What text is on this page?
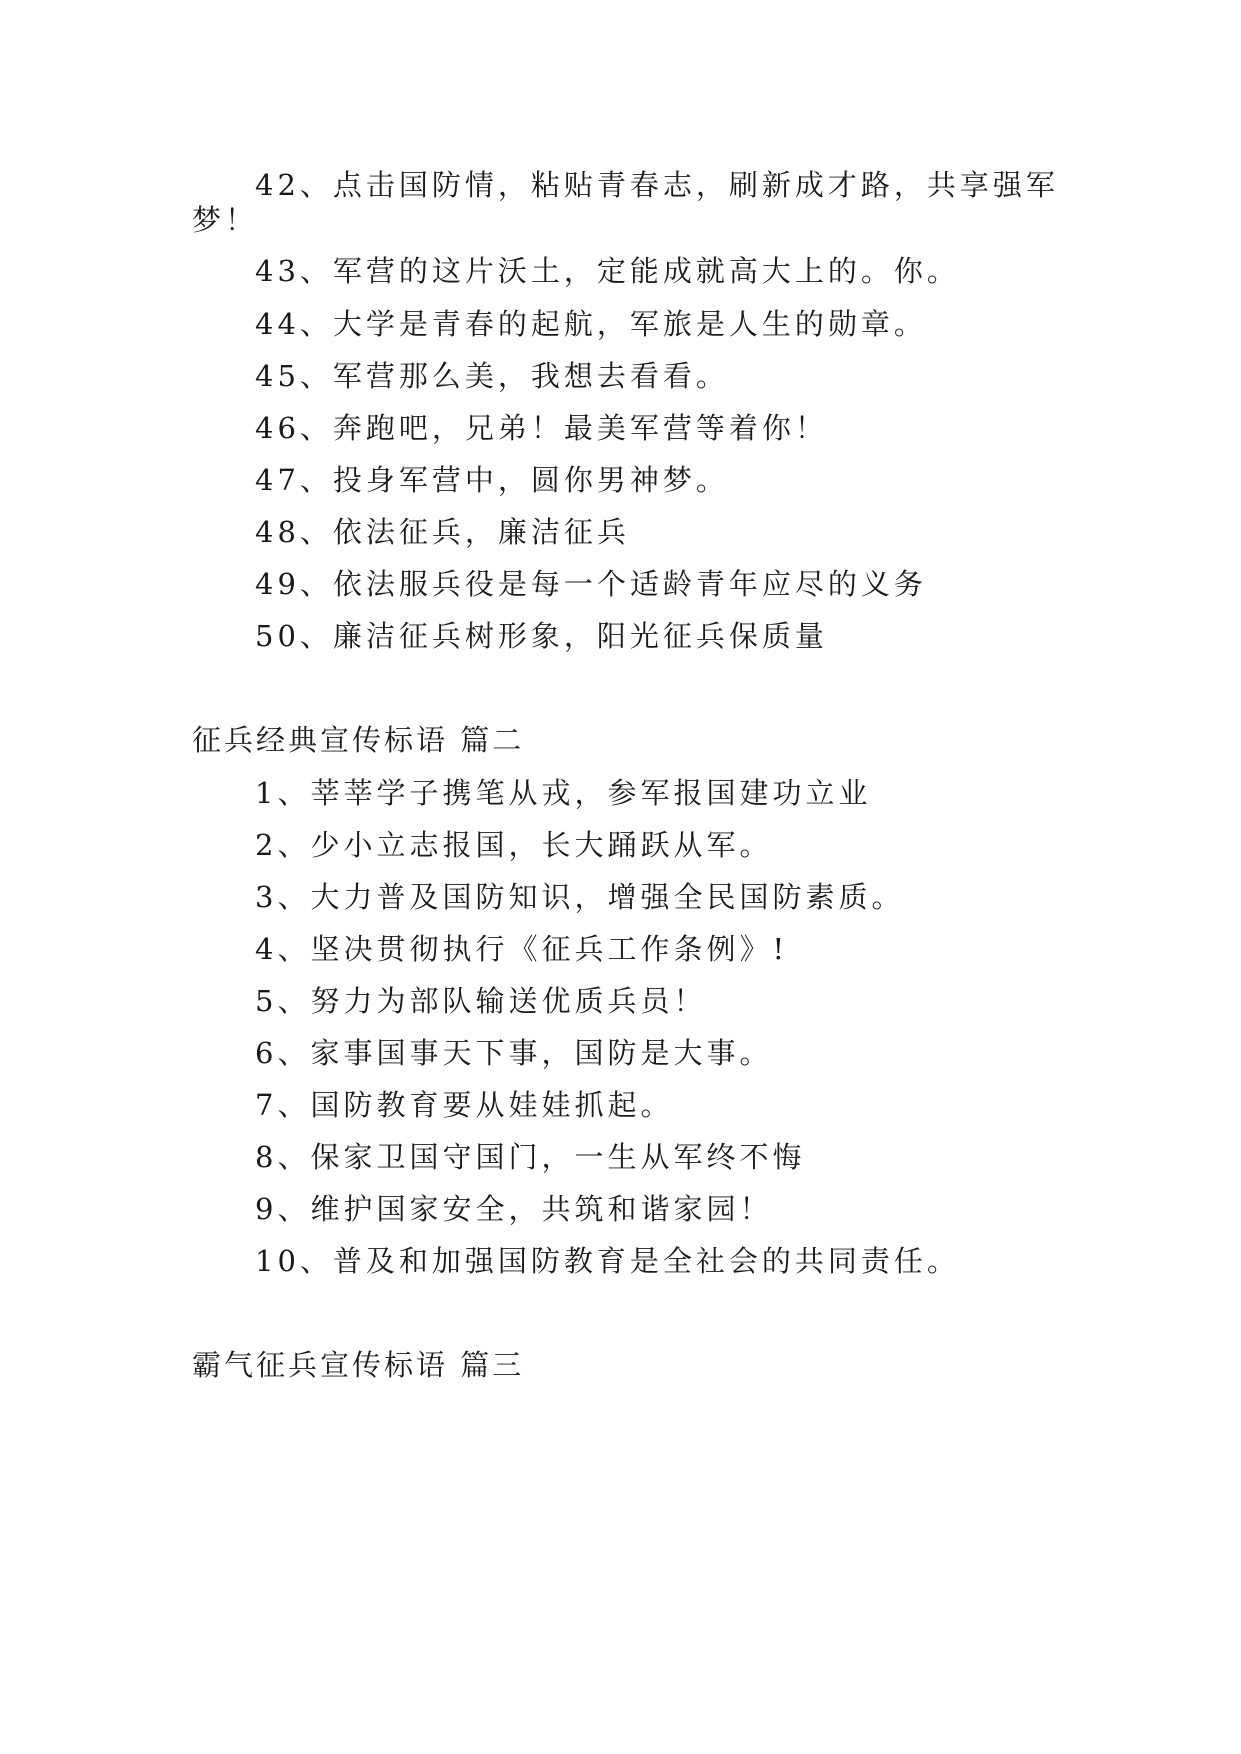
42、点击国防情，粘贴青春志，刷新成才路，共享强军
梦！
43、军营的这片沃土，定能成就高大上的。你。
44、大学是青春的起航，军旅是人生的勋章。
45、军营那么美，我想去看看。
46、奔跑吧，兄弟！最美军营等着你！
47、投身军营中，圆你男神梦。
48、依法征兵，廉洁征兵
49、依法服兵役是每一个适龄青年应尽的义务
50、廉洁征兵树形象，阳光征兵保质量
征兵经典宣传标语 篇二
1、莘莘学子携笔从戎，参军报国建功立业
2、少小立志报国，长大踊跃从军。
3、大力普及国防知识，增强全民国防素质。
4、坚决贯彻执行《征兵工作条例》!
5、努力为部队输送优质兵员！
6、家事国事天下事，国防是大事。
7、国防教育要从娃娃抓起。
8、保家卫国守国门，一生从军终不悔
9、维护国家安全，共筑和谐家园！
10、普及和加强国防教育是全社会的共同责任。
霸气征兵宣传标语 篇三
